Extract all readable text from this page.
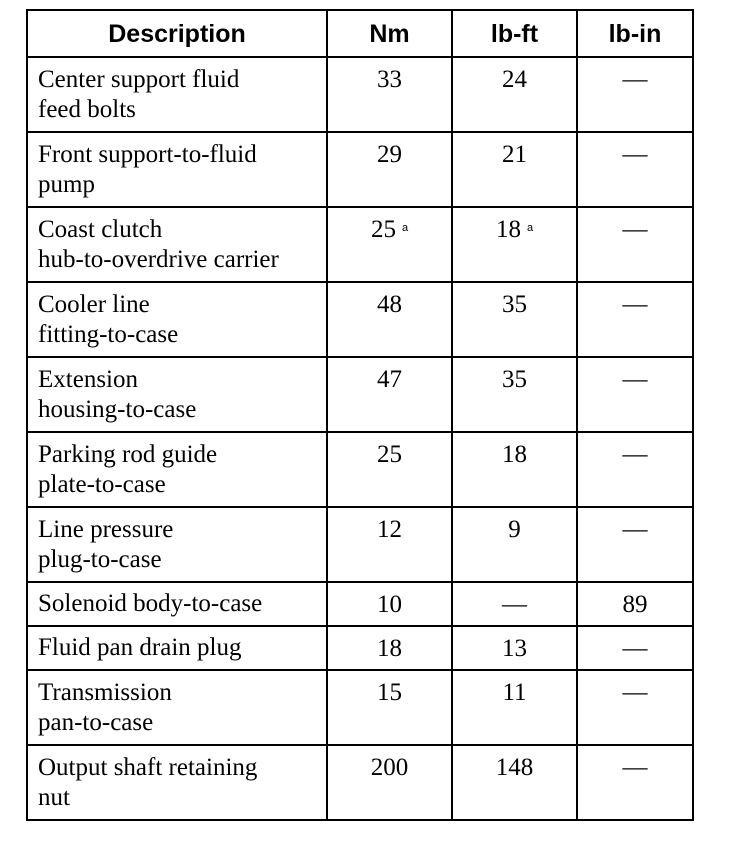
Description	Nm	lb-ft	lb-in

Center support fluid
feed bolts	33	24	—

Front support-to-fluid
pump	29	21	—

Coast clutch
hub-to-overdrive carrier	25 $^a$	18 $^a$	—

Cooler line
fitting-to-case	48	35	—

Extension
housing-to-case	47	35	—

Parking rod guide
plate-to-case	25	18	—

Line pressure
plug-to-case	12	9	—

Solenoid body-to-case	10	—	89

Fluid pan drain plug	18	13	—

Transmission
pan-to-case	15	11	—

Output shaft retaining
nut	200	148	—
